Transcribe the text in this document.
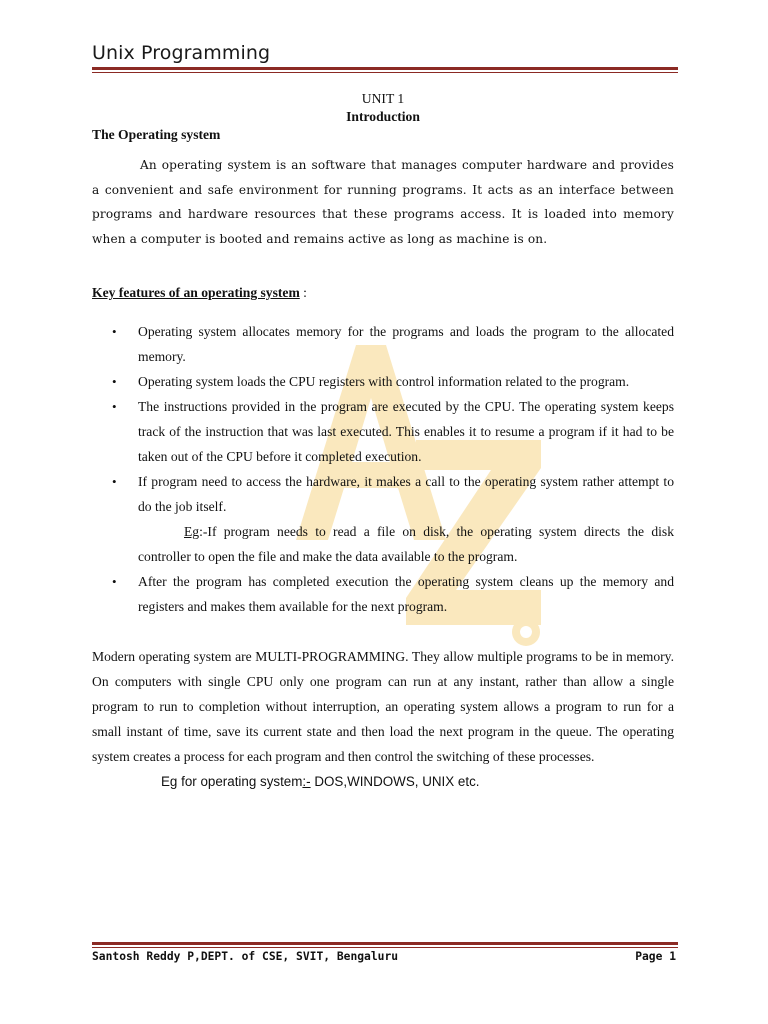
Unix Programming
UNIT 1
Introduction
The Operating system

An operating system is an software that manages computer hardware and provides a convenient and safe environment for running programs. It acts as an interface between programs and hardware resources that these programs access. It is loaded into memory when a computer is booted and remains active as long as machine is on.

Key features of an operating system :
• Operating system allocates memory for the programs and loads the program to the allocated memory.
• Operating system loads the CPU registers with control information related to the program.
• The instructions provided in the program are executed by the CPU. The operating system keeps track of the instruction that was last executed. This enables it to resume a program if it had to be taken out of the CPU before it completed execution.
• If program need to access the hardware, it makes a call to the operating system rather attempt to do the job itself.
Eg:-If program needs to read a file on disk, the operating system directs the disk controller to open the file and make the data available to the program.
• After the program has completed execution the operating system cleans up the memory and registers and makes them available for the next program.

Modern operating system are MULTI-PROGRAMMING. They allow multiple programs to be in memory. On computers with single CPU only one program can run at any instant, rather than allow a single program to run to completion without interruption, an operating system allows a program to run for a small instant of time, save its current state and then load the next program in the queue. The operating system creates a process for each program and then control the switching of these processes.

Eg for operating system:- DOS,WINDOWS, UNIX etc.
Santosh Reddy P,DEPT. of CSE, SVIT, Bengaluru	Page 1
